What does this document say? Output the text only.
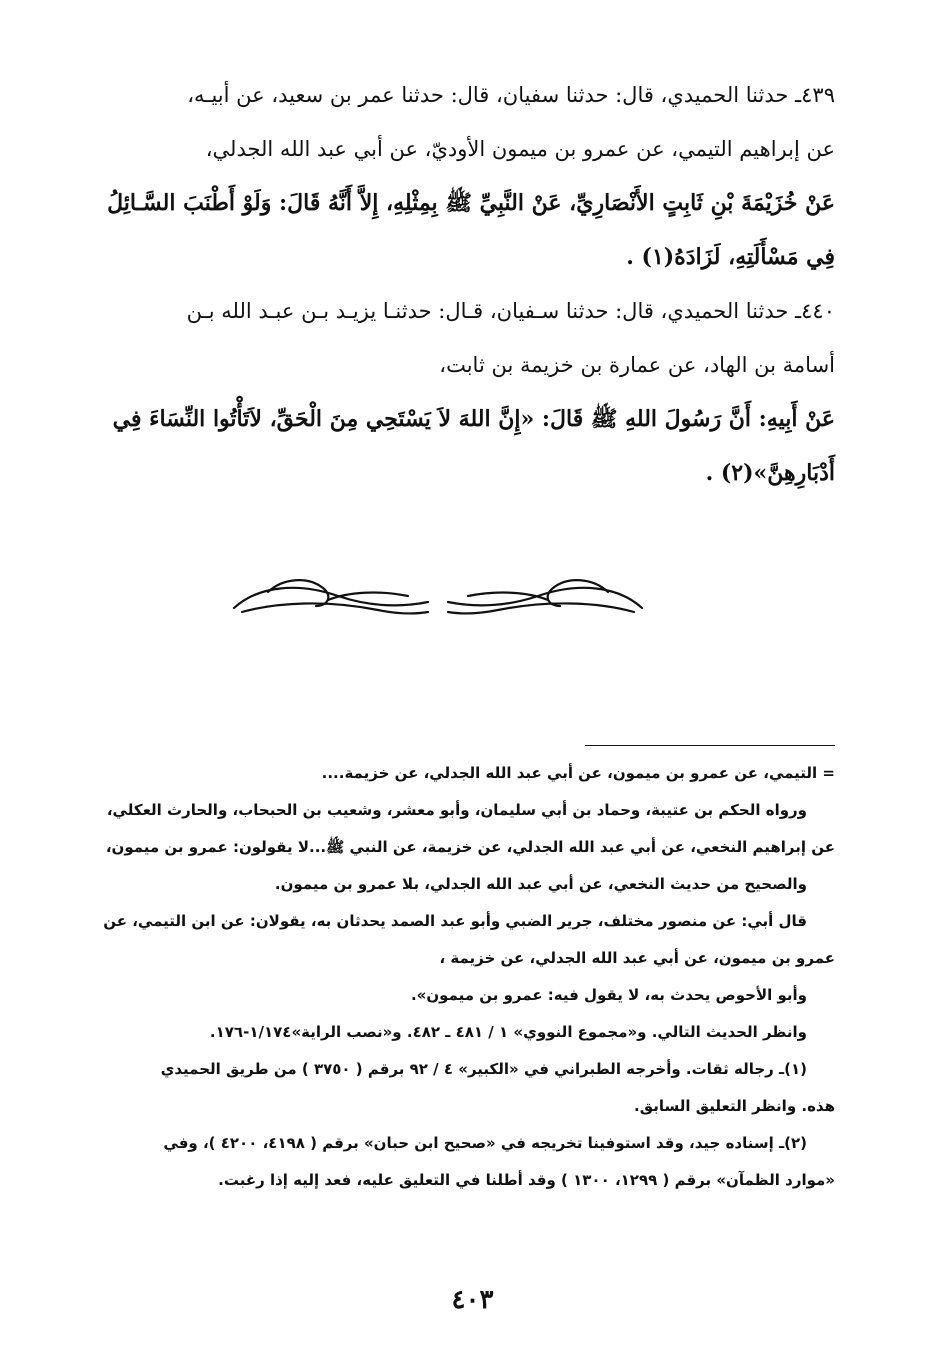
٤٣٩ـ حدثنا الحميدي، قال: حدثنا سفيان، قال: حدثنا عمر بن سعيد، عن أبيـه،

عن إبراهيم التيمي، عن عمرو بن ميمون الأوديّ، عن أبي عبد الله الجدلي،

عَنْ خُزَيْمَةَ بْنِ ثَابِتٍ الأَنْصَارِيِّ، عَنْ النَّبِيِّ ﷺ بِمِثْلِهِ، إِلاَّ أَنَّهُ قَالَ: وَلَوْ أَطْنَبَ السَّـائِلُ

فِي مَسْأَلَتِهِ، لَزَادَهُ(١) .

٤٤٠ـ حدثنا الحميدي، قال: حدثنا سـفيان، قـال: حدثنـا يزيـد بـن عبـد الله بـن

أسامة بن الهاد، عن عمارة بن خزيمة بن ثابت،

عَنْ أَبِيهِ: أَنَّ رَسُولَ اللهِ ﷺ قَالَ: «إِنَّ اللهَ لاَ يَسْتَحِي مِنَ الْحَقِّ، لاَتَأْتُوا النِّسَاءَ فِي

أَدْبَارِهِنَّ»(٢) .

= التيمي، عن عمرو بن ميمون، عن أبي عبد الله الجدلي، عن خزيمة....

ورواه الحكم بن عتيبة، وحماد بن أبي سليمان، وأبو معشر، وشعيب بن الحبحاب، والحارث العكلي،

عن إبراهيم النخعي، عن أبي عبد الله الجدلي، عن خزيمة، عن النبي ﷺ...لا يقولون: عمرو بن ميمون،

والصحيح من حديث النخعي، عن أبي عبد الله الجدلي، بلا عمرو بن ميمون.

قال أبي: عن منصور مختلف، جرير الضبي وأبو عبد الصمد يحدثان به، يقولان: عن ابن التيمي، عن

عمرو بن ميمون، عن أبي عبد الله الجدلي، عن خزيمة ،

وأبو الأحوص يحدث به، لا يقول فيه: عمرو بن ميمون».

وانظر الحديث التالي. و«مجموع النووي» ١ / ٤٨١ ـ ٤٨٢. و«نصب الراية»١/١٧٤-١٧٦.

(١)ـ رجاله ثقات. وأخرجه الطبراني في «الكبير» ٤ / ٩٢ برقم ( ٣٧٥٠ ) من طريق الحميدي

هذه. وانظر التعليق السابق.

(٢)ـ إسناده جيد، وقد استوفينا تخريجه في «صحيح ابن حبان» برقم ( ٤١٩٨، ٤٢٠٠ )، وفي

«موارد الظمآن» برقم ( ١٢٩٩، ١٣٠٠ ) وقد أطلنا في التعليق عليه، فعد إليه إذا رغبت.

٤٠٣
